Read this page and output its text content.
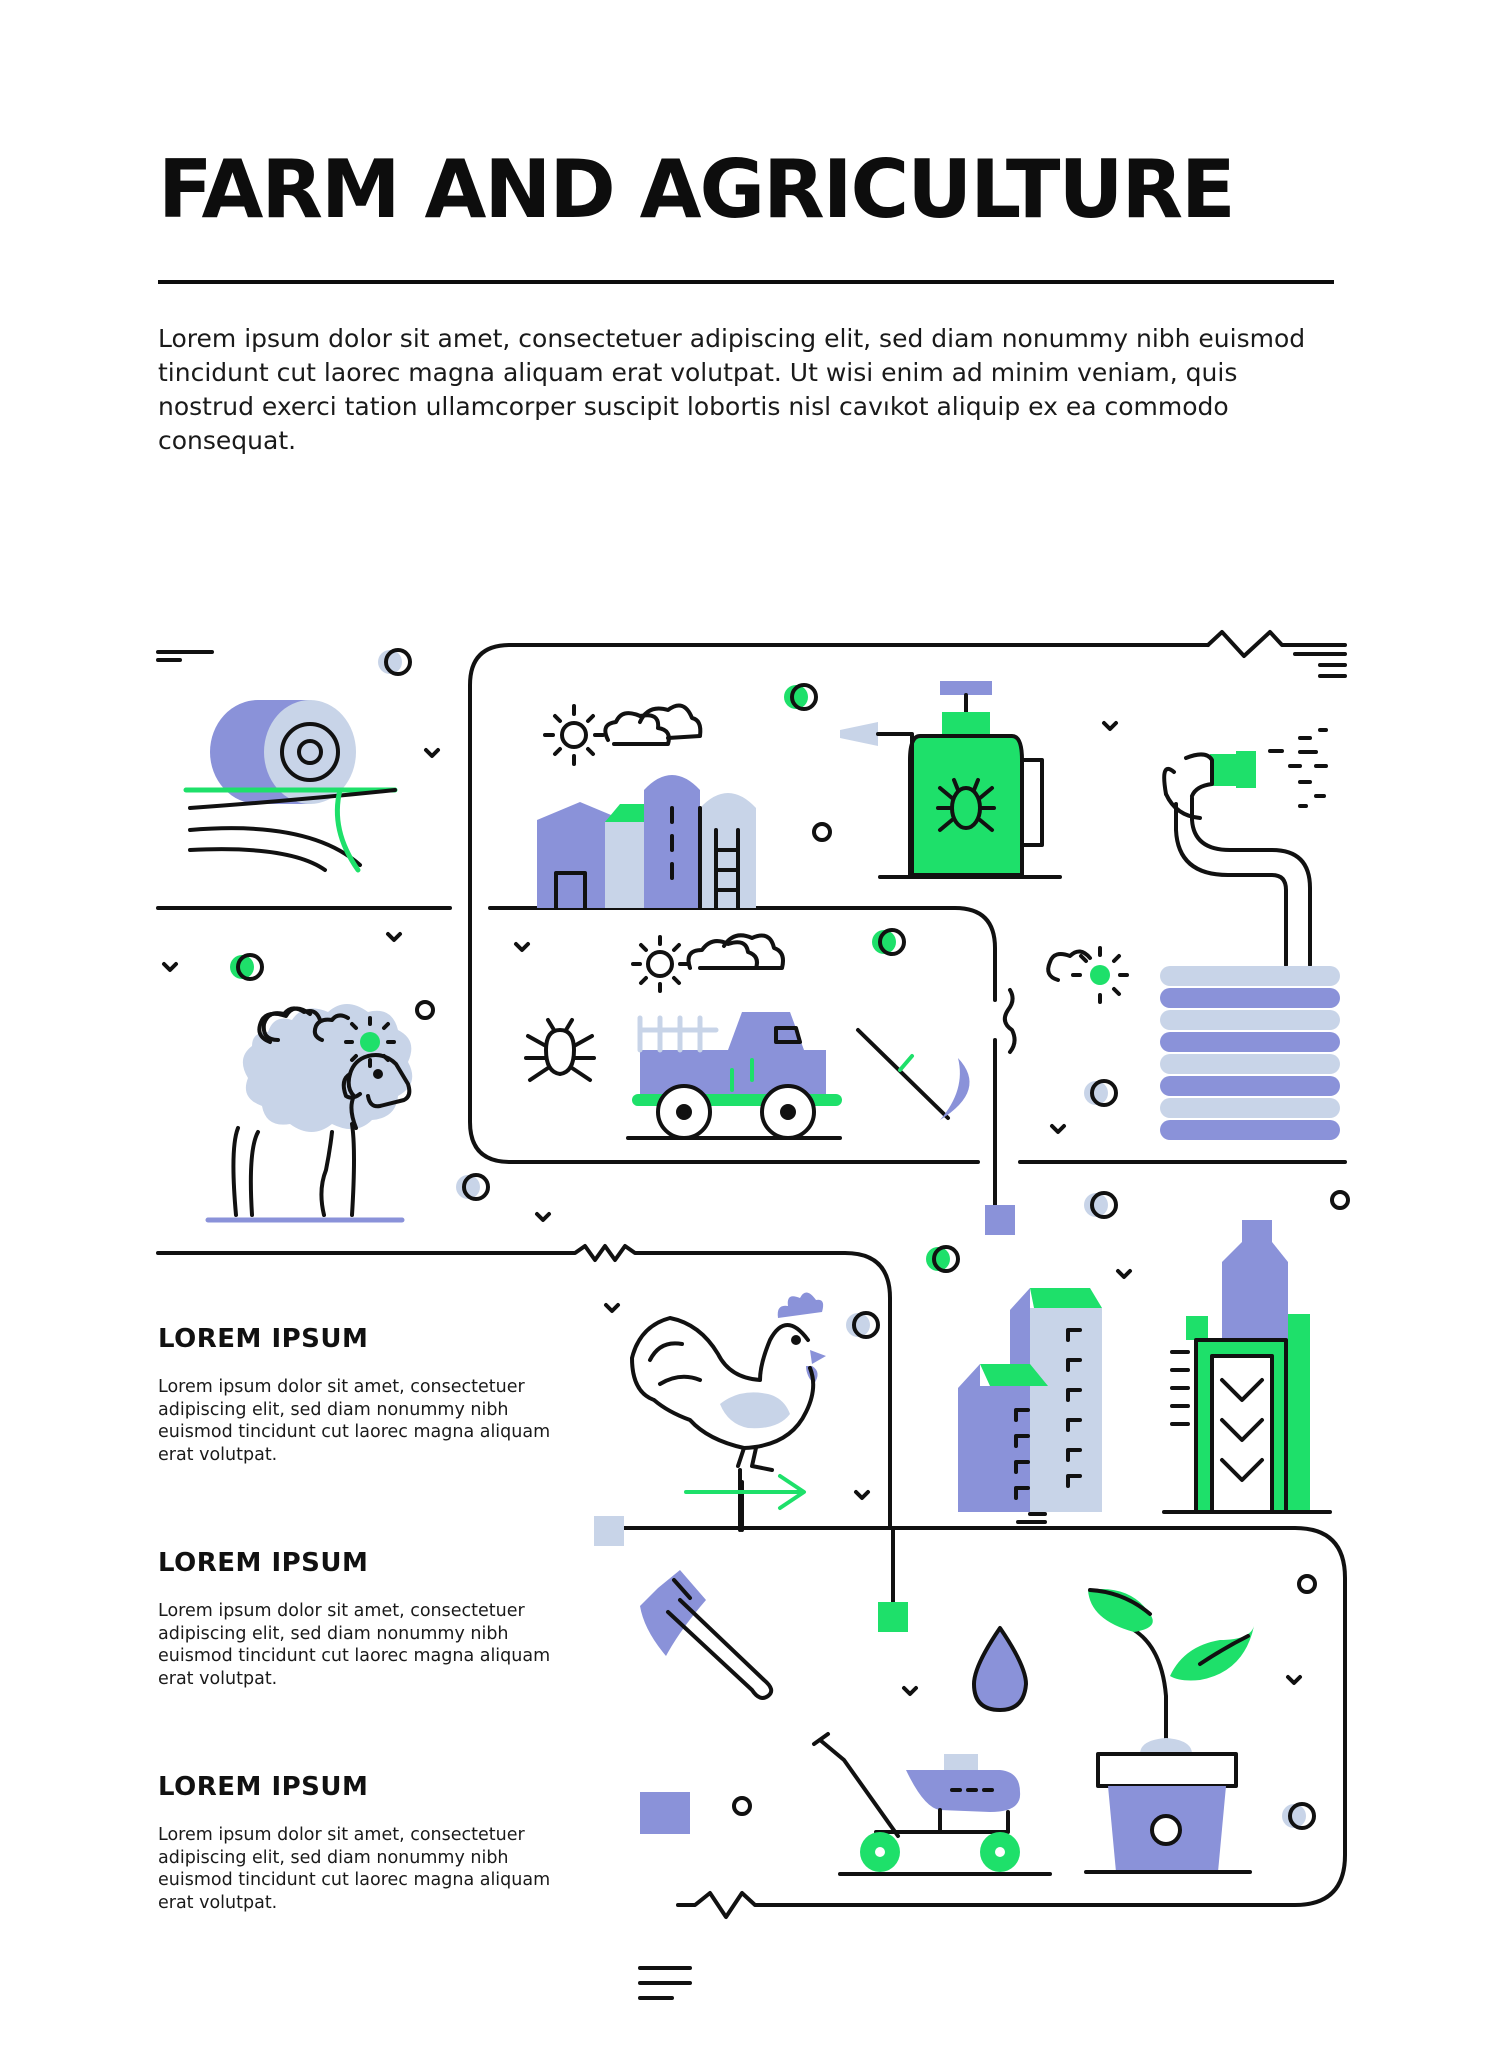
FARM AND AGRICULTURE

Lorem ipsum dolor sit amet, consectetuer adipiscing elit, sed diam nonummy nibh euismod tincidunt cut laorec magna aliquam erat volutpat. Ut wisi enim ad minim veniam, quis nostrud exerci tation ullamcorper suscipit lobortis nisl cavıkot aliquip ex ea commodo consequat.

LOREM IPSUM

Lorem ipsum dolor sit amet, consectetuer adipiscing elit, sed diam nonummy nibh euismod tincidunt cut laorec magna aliquam erat volutpat.

LOREM IPSUM

Lorem ipsum dolor sit amet, consectetuer adipiscing elit, sed diam nonummy nibh euismod tincidunt cut laorec magna aliquam erat volutpat.

LOREM IPSUM

Lorem ipsum dolor sit amet, consectetuer adipiscing elit, sed diam nonummy nibh euismod tincidunt cut laorec magna aliquam erat volutpat.
